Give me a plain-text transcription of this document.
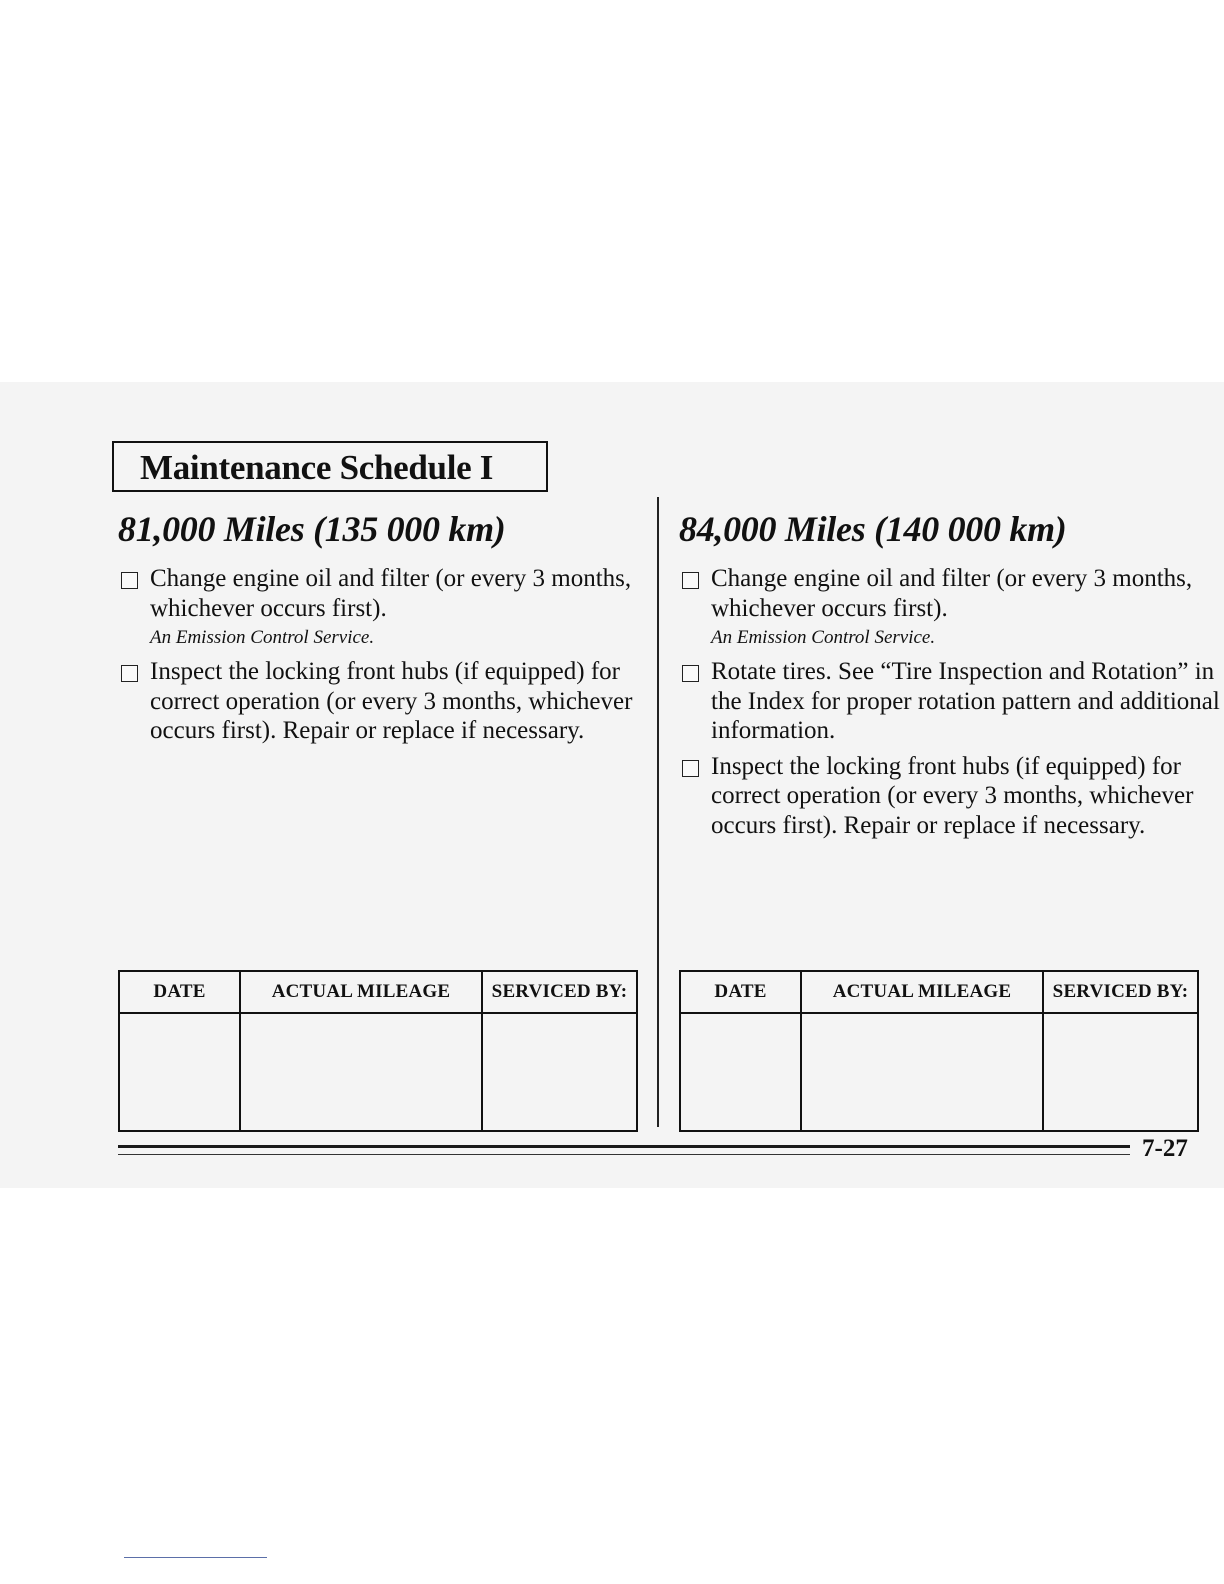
Maintenance Schedule I
81,000 Miles (135 000 km)
Change engine oil and filter (or every 3 months, whichever occurs first).
An Emission Control Service.
Inspect the locking front hubs (if equipped) for correct operation (or every 3 months, whichever occurs first). Repair or replace if necessary.
DATE	ACTUAL MILEAGE	SERVICED BY:

84,000 Miles (140 000 km)
Change engine oil and filter (or every 3 months, whichever occurs first).
An Emission Control Service.
Rotate tires. See “Tire Inspection and Rotation” in the Index for proper rotation pattern and additional information.
Inspect the locking front hubs (if equipped) for correct operation (or every 3 months, whichever occurs first). Repair or replace if necessary.
DATE	ACTUAL MILEAGE	SERVICED BY:

7-27
